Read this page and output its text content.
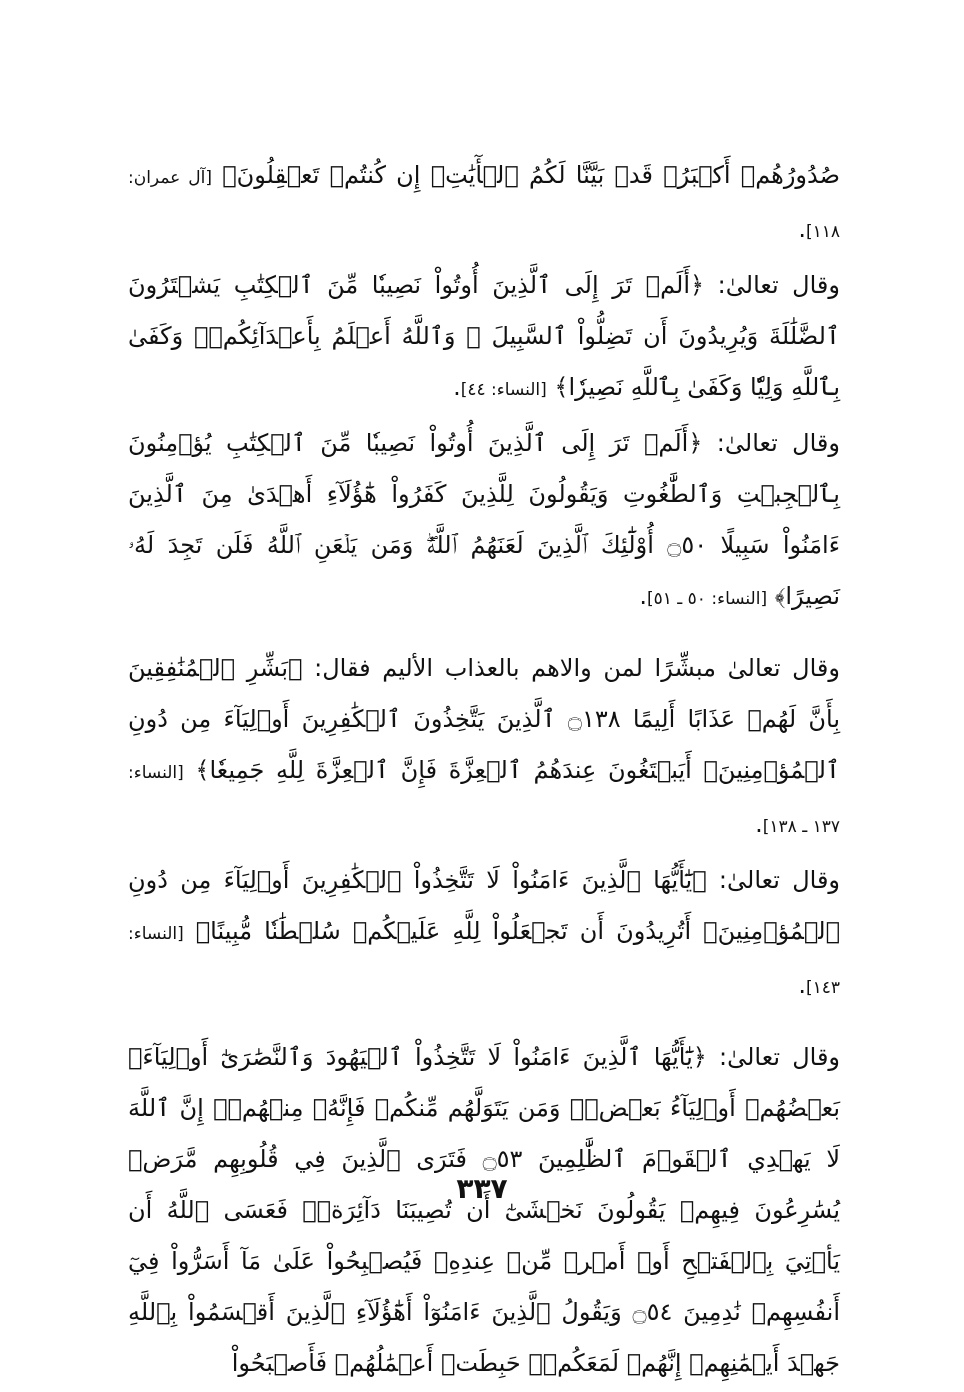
صُدُورُهُمۡ أَكۡبَرُۚ قَدۡ بَيَّنَّا لَكُمُ ٱلۡأٓيَٰتِۖ إِن كُنتُمۡ تَعۡقِلُونَ﴾ [آل عمران: ١١٨].

وقال تعالىٰ: ﴿أَلَمۡ تَرَ إِلَى ٱلَّذِينَ أُوتُواْ نَصِيبٗا مِّنَ ٱلۡكِتَٰبِ يَشۡتَرُونَ ٱلضَّلَٰلَةَ وَيُرِيدُونَ أَن تَضِلُّواْ ٱلسَّبِيلَ ۚ وَٱللَّهُ أَعۡلَمُ بِأَعۡدَآئِكُمۡۚ وَكَفَىٰ بِٱللَّهِ وَلِيّٗا وَكَفَىٰ بِٱللَّهِ نَصِيرٗا﴾ [النساء: ٤٤].

وقال تعالىٰ: ﴿أَلَمۡ تَرَ إِلَى ٱلَّذِينَ أُوتُواْ نَصِيبٗا مِّنَ ٱلۡكِتَٰبِ يُؤۡمِنُونَ بِٱلۡجِبۡتِ وَٱلطَّٰغُوتِ وَيَقُولُونَ لِلَّذِينَ كَفَرُواْ هَٰٓؤُلَآءِ أَهۡدَىٰ مِنَ ٱلَّذِينَ ءَامَنُواْ سَبِيلًا ۝٥٠ أُوْلَٰٓئِكَ ٱلَّذِينَ لَعَنَهُمُ ٱللَّهُۖ وَمَن يَلۡعَنِ ٱللَّهُ فَلَن تَجِدَ لَهُۥ نَصِيرًا﴾ [النساء: ٥٠ ـ ٥١].

وقال تعالىٰ مبشِّرًا لمن والاهم بالعذاب الأليم فقال: ﴿بَشِّرِ ٱلۡمُنَٰفِقِينَ بِأَنَّ لَهُمۡ عَذَابًا أَلِيمًا ۝١٣٨ ٱلَّذِينَ يَتَّخِذُونَ ٱلۡكَٰفِرِينَ أَوۡلِيَآءَ مِن دُونِ ٱلۡمُؤۡمِنِينَۚ أَيَبۡتَغُونَ عِندَهُمُ ٱلۡعِزَّةَ فَإِنَّ ٱلۡعِزَّةَ لِلَّهِ جَمِيعٗا﴾ [النساء: ١٣٧ ـ ١٣٨].

وقال تعالىٰ: ﴿يَٰٓأَيُّهَا ٱلَّذِينَ ءَامَنُواْ لَا تَتَّخِذُواْ ٱلۡكَٰفِرِينَ أَوۡلِيَآءَ مِن دُونِ ٱلۡمُؤۡمِنِينَۚ أَتُرِيدُونَ أَن تَجۡعَلُواْ لِلَّهِ عَلَيۡكُمۡ سُلۡطَٰنٗا مُّبِينًا﴾ [النساء: ١٤٣].

وقال تعالىٰ: ﴿يَٰٓأَيُّهَا ٱلَّذِينَ ءَامَنُواْ لَا تَتَّخِذُواْ ٱلۡيَهُودَ وَٱلنَّصَٰرَىٰٓ أَوۡلِيَآءَۘ بَعۡضُهُمۡ أَوۡلِيَآءُ بَعۡضٖۚ وَمَن يَتَوَلَّهُم مِّنكُمۡ فَإِنَّهُۥ مِنۡهُمۡۗ إِنَّ ٱللَّهَ لَا يَهۡدِي ٱلۡقَوۡمَ ٱلظَّٰلِمِينَ ۝٥٣ فَتَرَى ٱلَّذِينَ فِي قُلُوبِهِم مَّرَضٞ يُسَٰرِعُونَ فِيهِمۡ يَقُولُونَ نَخۡشَىٰٓ أَن تُصِيبَنَا دَآئِرَةٞۚ فَعَسَى ٱللَّهُ أَن يَأۡتِيَ بِٱلۡفَتۡحِ أَوۡ أَمۡرٖ مِّنۡ عِندِهِۦ فَيُصۡبِحُواْ عَلَىٰ مَآ أَسَرُّواْ فِيٓ أَنفُسِهِمۡ نَٰدِمِينَ ۝٥٤ وَيَقُولُ ٱلَّذِينَ ءَامَنُوٓاْ أَهَٰٓؤُلَآءِ ٱلَّذِينَ أَقۡسَمُواْ بِٱللَّهِ جَهۡدَ أَيۡمَٰنِهِمۡ إِنَّهُمۡ لَمَعَكُمۡۚ حَبِطَتۡ أَعۡمَٰلُهُمۡ فَأَصۡبَحُواْ

٣٣٧
